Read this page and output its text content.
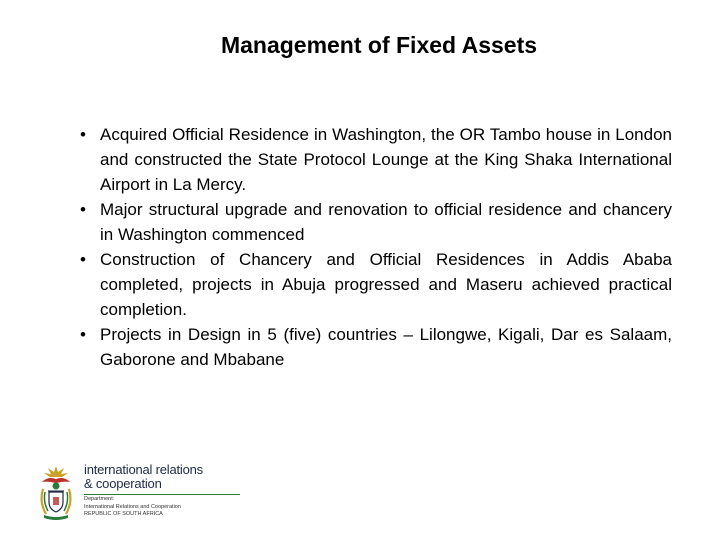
Management of Fixed Assets
• Acquired Official Residence in Washington, the OR Tambo house in London and constructed the State Protocol Lounge at the King Shaka International Airport in La Mercy.
• Major structural upgrade and renovation to official residence and chancery in Washington commenced
• Construction of Chancery and Official Residences in Addis Ababa completed, projects in Abuja progressed and Maseru achieved practical completion.
• Projects in Design in 5 (five) countries – Lilongwe, Kigali, Dar es Salaam, Gaborone and Mbabane
international relations
& cooperation
Department:
International Relations and Cooperation
REPUBLIC OF SOUTH AFRICA
